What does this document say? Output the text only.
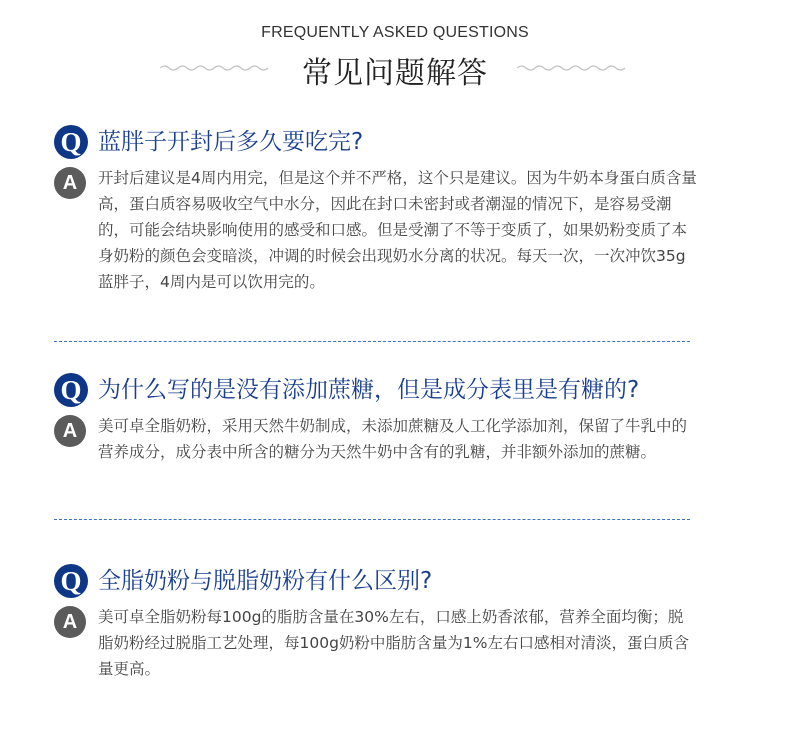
FREQUENTLY ASKED QUESTIONS
常见问题解答
Q 蓝胖子开封后多久要吃完?
A	开封后建议是4周内用完，但是这个并不严格，这个只是建议。因为牛奶本身蛋白质含量高，蛋白质容易吸收空气中水分，因此在封口未密封或者潮湿的情况下，是容易受潮的，可能会结块影响使用的感受和口感。但是受潮了不等于变质了，如果奶粉变质了本身奶粉的颜色会变暗淡，冲调的时候会出现奶水分离的状况。每天一次，一次冲饮35g蓝胖子，4周内是可以饮用完的。
Q 为什么写的是没有添加蔗糖，但是成分表里是有糖的?
A	美可卓全脂奶粉，采用天然牛奶制成，未添加蔗糖及人工化学添加剂，保留了牛乳中的营养成分，成分表中所含的糖分为天然牛奶中含有的乳糖，并非额外添加的蔗糖。
Q 全脂奶粉与脱脂奶粉有什么区别?
A	美可卓全脂奶粉每100g的脂肪含量在30%左右，口感上奶香浓郁，营养全面均衡；脱脂奶粉经过脱脂工艺处理，每100g奶粉中脂肪含量为1%左右口感相对清淡，蛋白质含量更高。
